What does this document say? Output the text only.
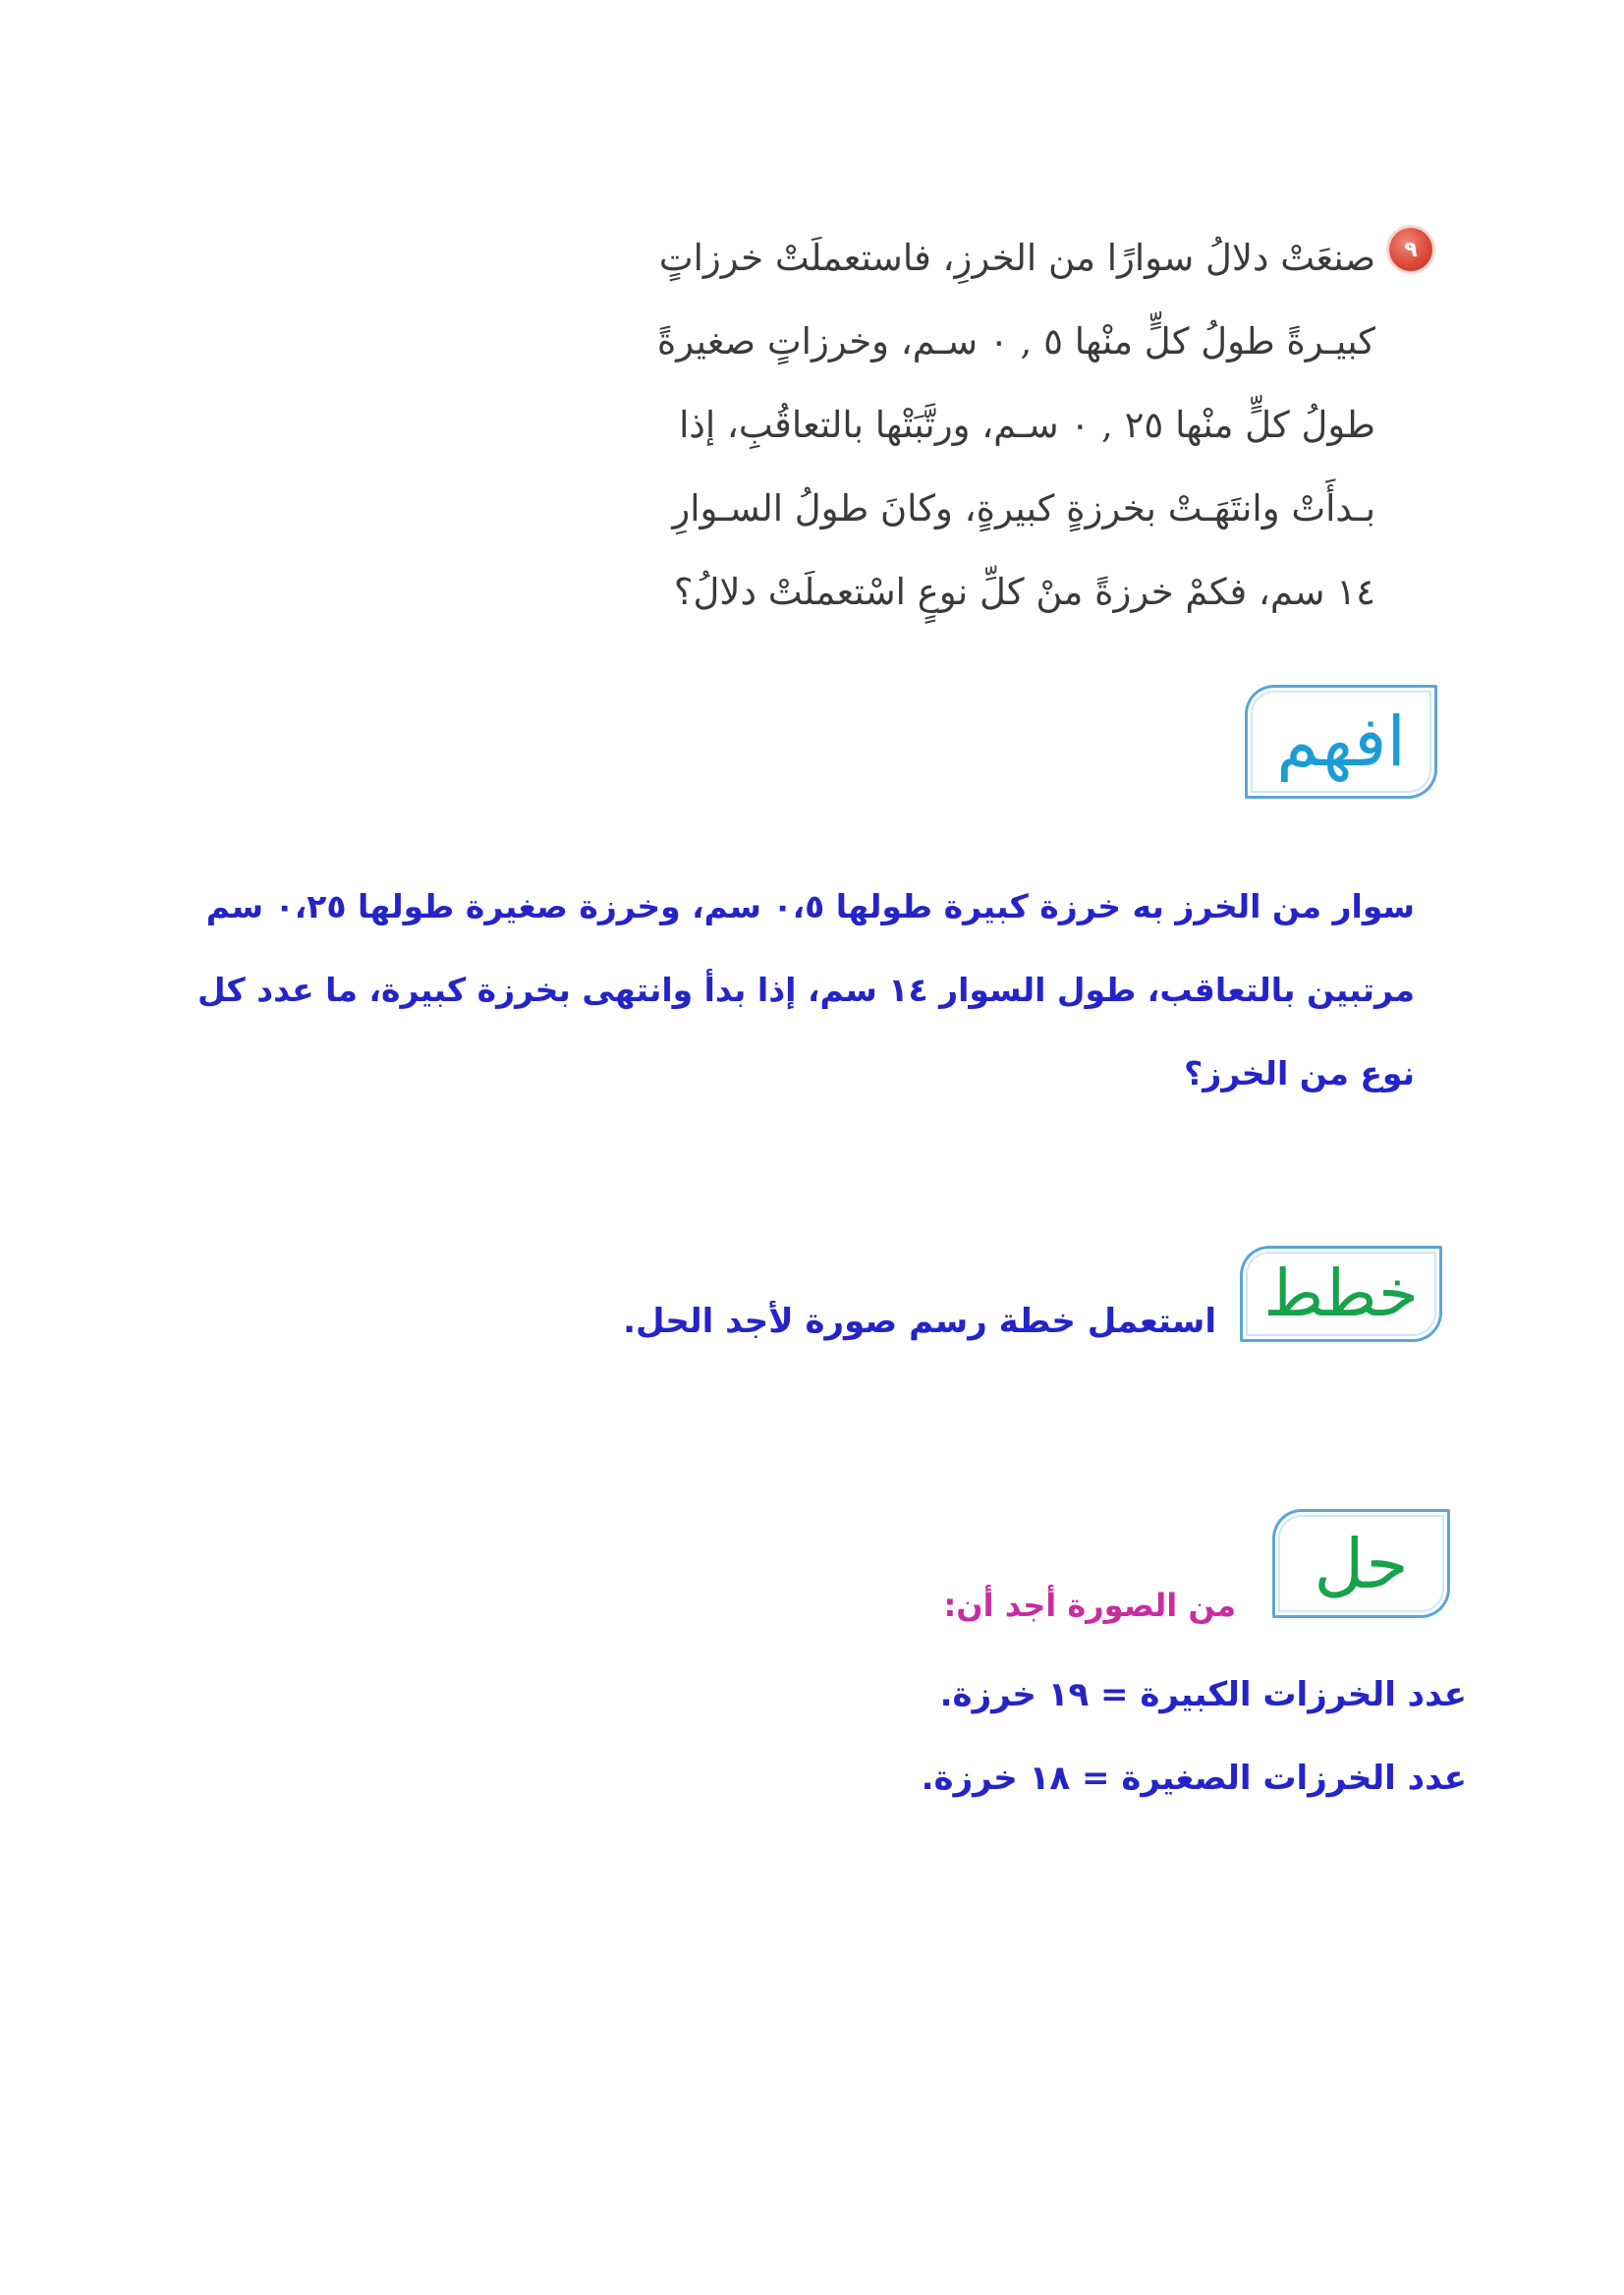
٩
صنعَتْ دلالُ سوارًا من الخرزِ، فاستعملَتْ خرزاتٍ
كبيـرةً طولُ كلٍّ منْها ٥ , ٠ سـم، وخرزاتٍ صغيرةً
طولُ كلٍّ منْها ٢٥ , ٠ سـم، ورتَّبَتْها بالتعاقُبِ، إذا
بـدأَتْ وانتَهَـتْ بخرزةٍ كبيرةٍ، وكانَ طولُ السـوارِ
١٤ سم، فكمْ خرزةً منْ كلِّ نوعٍ اسْتعملَتْ دلالُ؟
افهم
سوار من الخرز به خرزة كبيرة طولها ٠،٥ سم، وخرزة صغيرة طولها ٠،٢٥ سم
مرتبين بالتعاقب، طول السوار ١٤ سم، إذا بدأ وانتهى بخرزة كبيرة، ما عدد كل
نوع من الخرز؟
خطط
استعمل خطة رسم صورة لأجد الحل.
حل
من الصورة أجد أن:
عدد الخرزات الكبيرة = ١٩ خرزة.
عدد الخرزات الصغيرة = ١٨ خرزة.
